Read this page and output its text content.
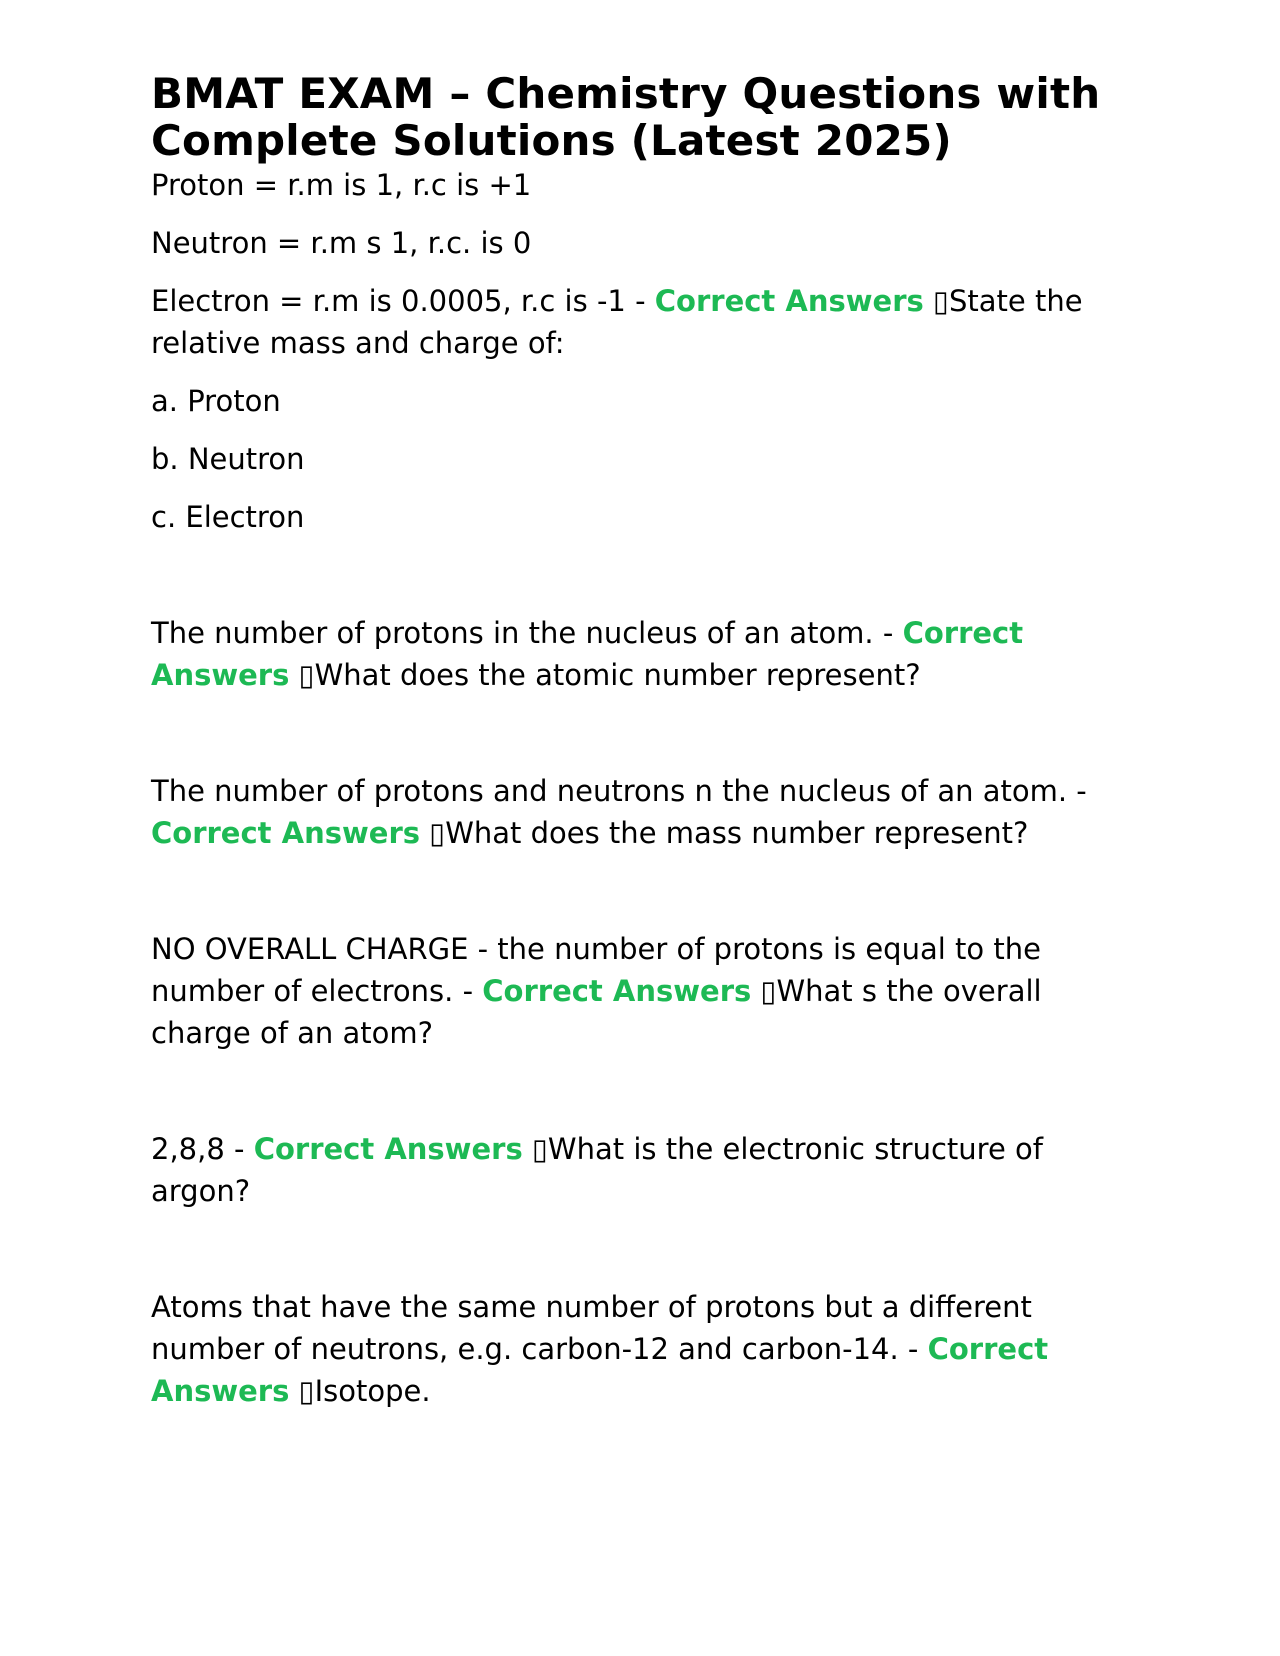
BMAT EXAM – Chemistry Questions with Complete Solutions (Latest 2025)

Proton = r.m is 1, r.c is +1

Neutron = r.m s 1, r.c. is 0

Electron = r.m is 0.0005, r.c is -1 - Correct Answers ▯State the relative mass and charge of:

a. Proton

b. Neutron

c. Electron

The number of protons in the nucleus of an atom. - Correct Answers ▯What does the atomic number represent?

The number of protons and neutrons n the nucleus of an atom. - Correct Answers ▯What does the mass number represent?

NO OVERALL CHARGE - the number of protons is equal to the number of electrons. - Correct Answers ▯What s the overall charge of an atom?

2,8,8 - Correct Answers ▯What is the electronic structure of argon?

Atoms that have the same number of protons but a different number of neutrons, e.g. carbon-12 and carbon-14. - Correct Answers ▯Isotope.
